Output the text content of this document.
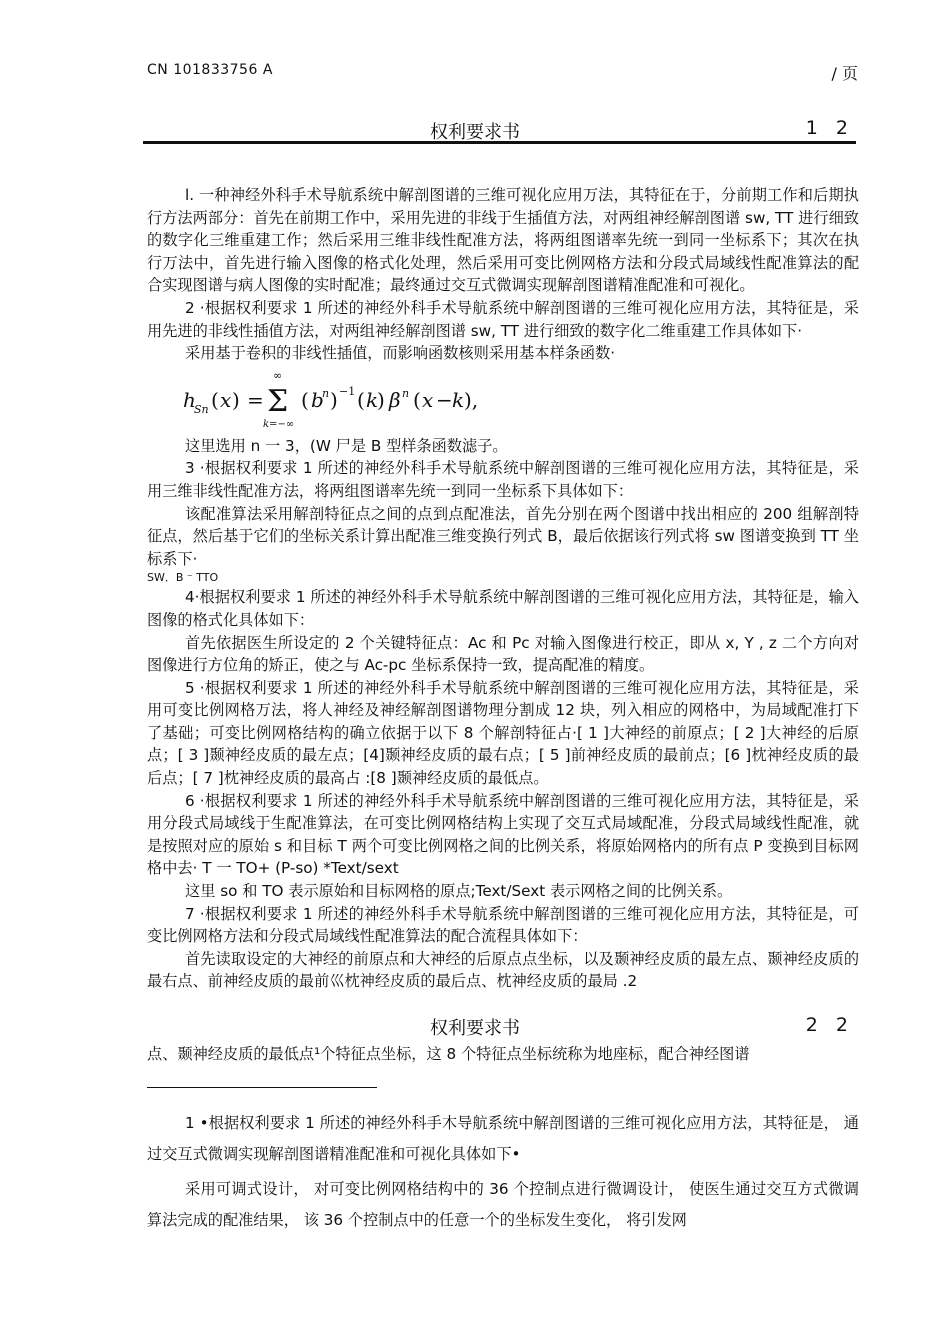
CN 101833756 A	/ 页
权利要求书	1 2

l. 一种神经外科手术导航系统中解剖图谱的三维可视化应用万法，其特征在于，分前期工作和后期执行方法两部分：首先在前期工作中，采用先进的非线于生插值方法，对两组神经解剖图谱 sw, TT 进行细致的数字化三维重建工作；然后采用三维非线性配准方法，将两组图谱率先统一到同一坐标系下；其次在执行万法中，首先进行输入图像的格式化处理，然后采用可变比例网格方法和分段式局域线性配准算法的配合实现图谱与病人图像的实时配准；最终通过交互式微调实现解剖图谱精准配准和可视化。

2 ·根据权利要求 1 所述的神经外科手术导航系统中解剖图谱的三维可视化应用方法，其特征是，采用先进的非线性插值方法，对两组神经解剖图谱 sw, TT 进行细致的数字化二维重建工作具体如下·

采用基于卷积的非线性插值，而影响函数核则采用基本样条函数·

h
Sn ( x ) =
∞
Σ
k=−∞
( b
n ) −1 ( k
) β n ( x − k ),

这里选用 n 一 3，(W 尸是 B 型样条函数滤子。

3 ·根据权利要求 1 所述的神经外科手术导航系统中解剖图谱的三维可视化应用方法，其特征是，采用三维非线性配准方法，将两组图谱率先统一到同一坐标系下具体如下：

该配准算法采用解剖特征点之间的点到点配准法，首先分别在两个图谱中找出相应的 200 组解剖特征点，然后基于它们的坐标关系计算出配准三维变换行列式 B，最后依据该行列式将 sw 图谱变换到 TT 坐标系下·

SW．B ⁻ TTO

4·根据权利要求 1 所述的神经外科手术导航系统中解剖图谱的三维可视化应用方法，其特征是，输入图像的格式化具体如下：

首先依据医生所设定的 2 个关键特征点：Ac 和 Pc 对输入图像进行校正，即从 x, Y , z 二个方向对图像进行方位角的矫正，使之与 Ac-pc 坐标系保持一致，提高配准的精度。

5 ·根据权利要求 1 所述的神经外科手术导航系统中解剖图谱的三维可视化应用方法，其特征是，采用可变比例网格万法，将人神经及神经解剖图谱物理分割成 12 块，列入相应的网格中，为局域配准打下了基础；可变比例网格结构的确立依据于以下 8 个解剖特征占·[ 1 ]大神经的前原点；[ 2 ]大神经的后原点；[ 3 ]颞神经皮质的最左点；[4]颞神经皮质的最右点；[ 5 ]前神经皮质的最前点；[6 ]枕神经皮质的最后点；[ 7 ]枕神经皮质的最高占 :[8 ]颞神经皮质的最低点。

6 ·根据权利要求 1 所述的神经外科手术导航系统中解剖图谱的三维可视化应用方法，其特征是，采用分段式局域线于生配准算法，在可变比例网格结构上实现了交互式局域配准，分段式局域线性配准，就是按照对应的原始 s 和目标 T 两个可变比例网格之间的比例关系，将原始网格内的所有点 P 变换到目标网格中去· T 一 TO+ (P-so) *Text/sext

这里 so 和 TO 表示原始和目标网格的原点;Text/Sext 表示网格之间的比例关系。

7 ·根据权利要求 1 所述的神经外科手术导航系统中解剖图谱的三维可视化应用方法，其特征是，可变比例网格方法和分段式局域线性配准算法的配合流程具体如下：

首先读取设定的大神经的前原点和大神经的后原点点坐标，以及颞神经皮质的最左点、颞神经皮质的最右点、前神经皮质的最前巛枕神经皮质的最后点、枕神经皮质的最局 .2

权利要求书	2 2
点、颞神经皮质的最低点¹个特征点坐标，这 8 个特征点坐标统称为地座标，配合神经图谱

1 •根据权利要求 1 所述的神经外科手木导航系统中解剖图谱的三维可视化应用方法，其特征是， 通过交互式微调实现解剖图谱精准配准和可视化具体如下•

采用可调式设计， 对可变比例网格结构中的 36 个控制点进行微调设计， 使医生通过交互方式微调算法完成的配准结果， 该 36 个控制点中的任意一个的坐标发生变化， 将引发网
